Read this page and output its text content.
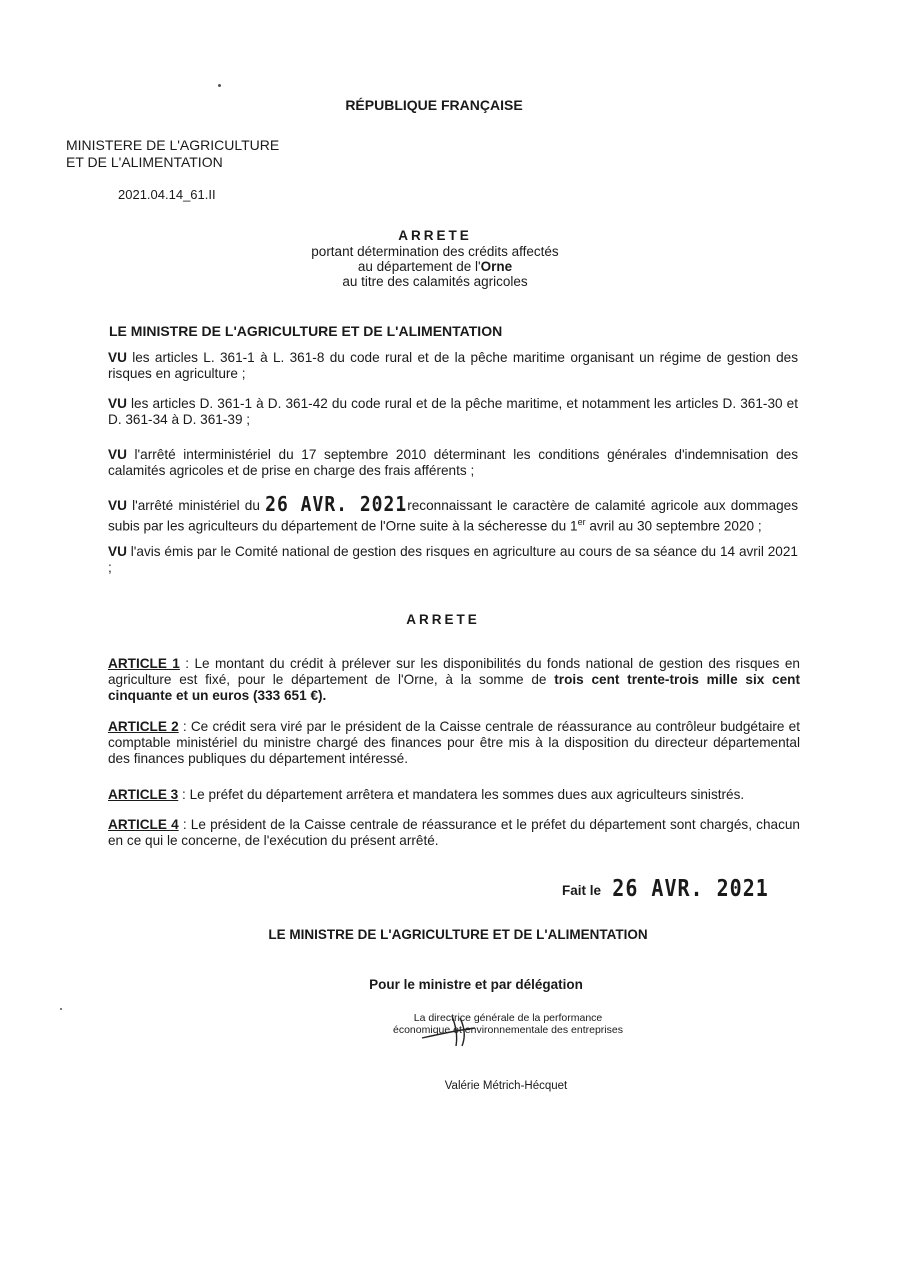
RÉPUBLIQUE FRANÇAISE
MINISTERE DE L'AGRICULTURE
ET DE L'ALIMENTATION
2021.04.14_61.II
ARRETE
portant détermination des crédits affectés
au département de l'Orne
au titre des calamités agricoles
LE MINISTRE DE L'AGRICULTURE ET DE L'ALIMENTATION
VU les articles L. 361-1 à L. 361-8 du code rural et de la pêche maritime organisant un régime de gestion des risques en agriculture ;
VU les articles D. 361-1 à D. 361-42 du code rural et de la pêche maritime, et notamment les articles D. 361-30 et D. 361-34 à D. 361-39 ;
VU l'arrêté interministériel du 17 septembre 2010 déterminant les conditions générales d'indemnisation des calamités agricoles et de prise en charge des frais afférents ;
VU l'arrêté ministériel du 26 AVR. 2021reconnaissant le caractère de calamité agricole aux dommages subis par les agriculteurs du département de l'Orne suite à la sécheresse du 1er avril au 30 septembre 2020 ;
VU l'avis émis par le Comité national de gestion des risques en agriculture au cours de sa séance du 14 avril 2021 ;
ARRETE
ARTICLE 1 : Le montant du crédit à prélever sur les disponibilités du fonds national de gestion des risques en agriculture est fixé, pour le département de l'Orne, à la somme de trois cent trente-trois mille six cent cinquante et un euros (333 651 €).
ARTICLE 2 : Ce crédit sera viré par le président de la Caisse centrale de réassurance au contrôleur budgétaire et comptable ministériel du ministre chargé des finances pour être mis à la disposition du directeur départemental des finances publiques du département intéressé.
ARTICLE 3 : Le préfet du département arrêtera et mandatera les sommes dues aux agriculteurs sinistrés.
ARTICLE 4 : Le président de la Caisse centrale de réassurance et le préfet du département sont chargés, chacun en ce qui le concerne, de l'exécution du présent arrêté.
Fait le 26 AVR. 2021
LE MINISTRE DE L'AGRICULTURE ET DE L'ALIMENTATION
Pour le ministre et par délégation
La directrice générale de la performance
économique et environnementale des entreprises
Valérie Métrich-Hécquet
